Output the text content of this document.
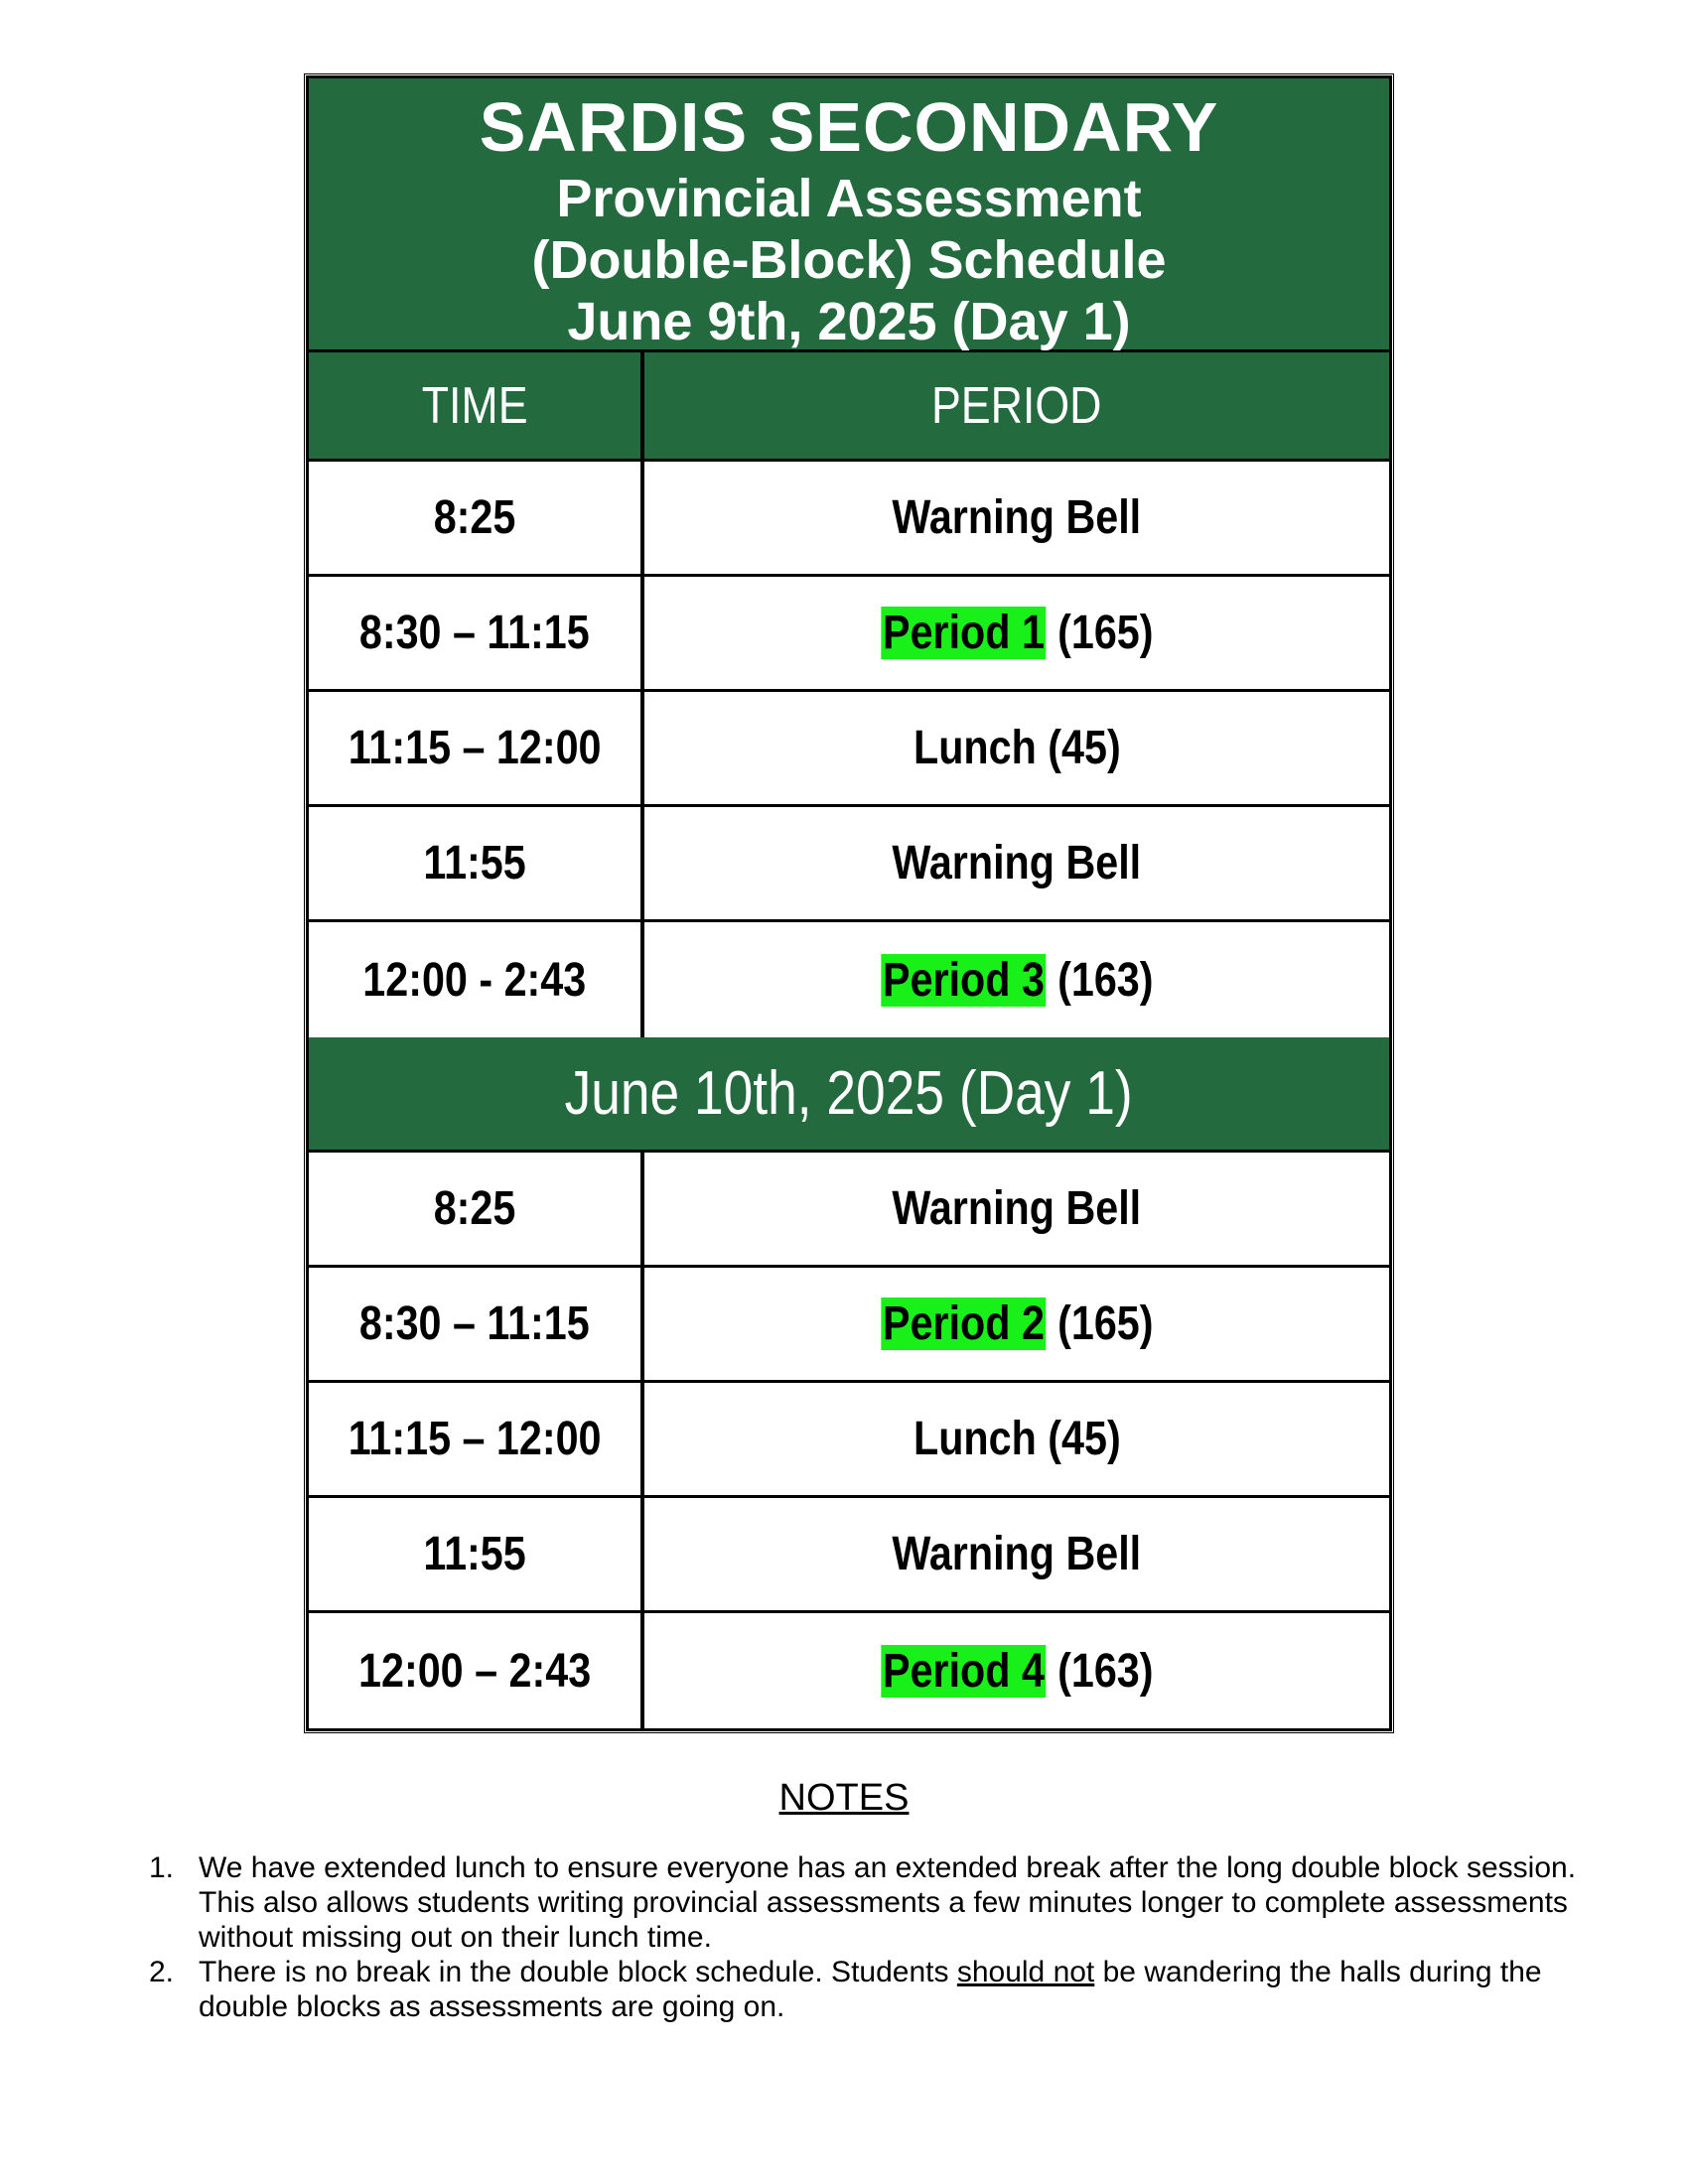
SARDIS SECONDARY
Provincial Assessment
(Double-Block) Schedule
June 9th, 2025 (Day 1)
TIME	PERIOD
8:25	Warning Bell
8:30 – 11:15	Period 1 (165)
11:15 – 12:00	Lunch (45)
11:55	Warning Bell
12:00 - 2:43	Period 3 (163)
June 10th, 2025 (Day 1)
8:25	Warning Bell
8:30 – 11:15	Period 2 (165)
11:15 – 12:00	Lunch (45)
11:55	Warning Bell
12:00 – 2:43	Period 4 (163)
NOTES
1. We have extended lunch to ensure everyone has an extended break after the long double block session. This also allows students writing provincial assessments a few minutes longer to complete assessments without missing out on their lunch time.
2. There is no break in the double block schedule. Students should not be wandering the halls during the double blocks as assessments are going on.
